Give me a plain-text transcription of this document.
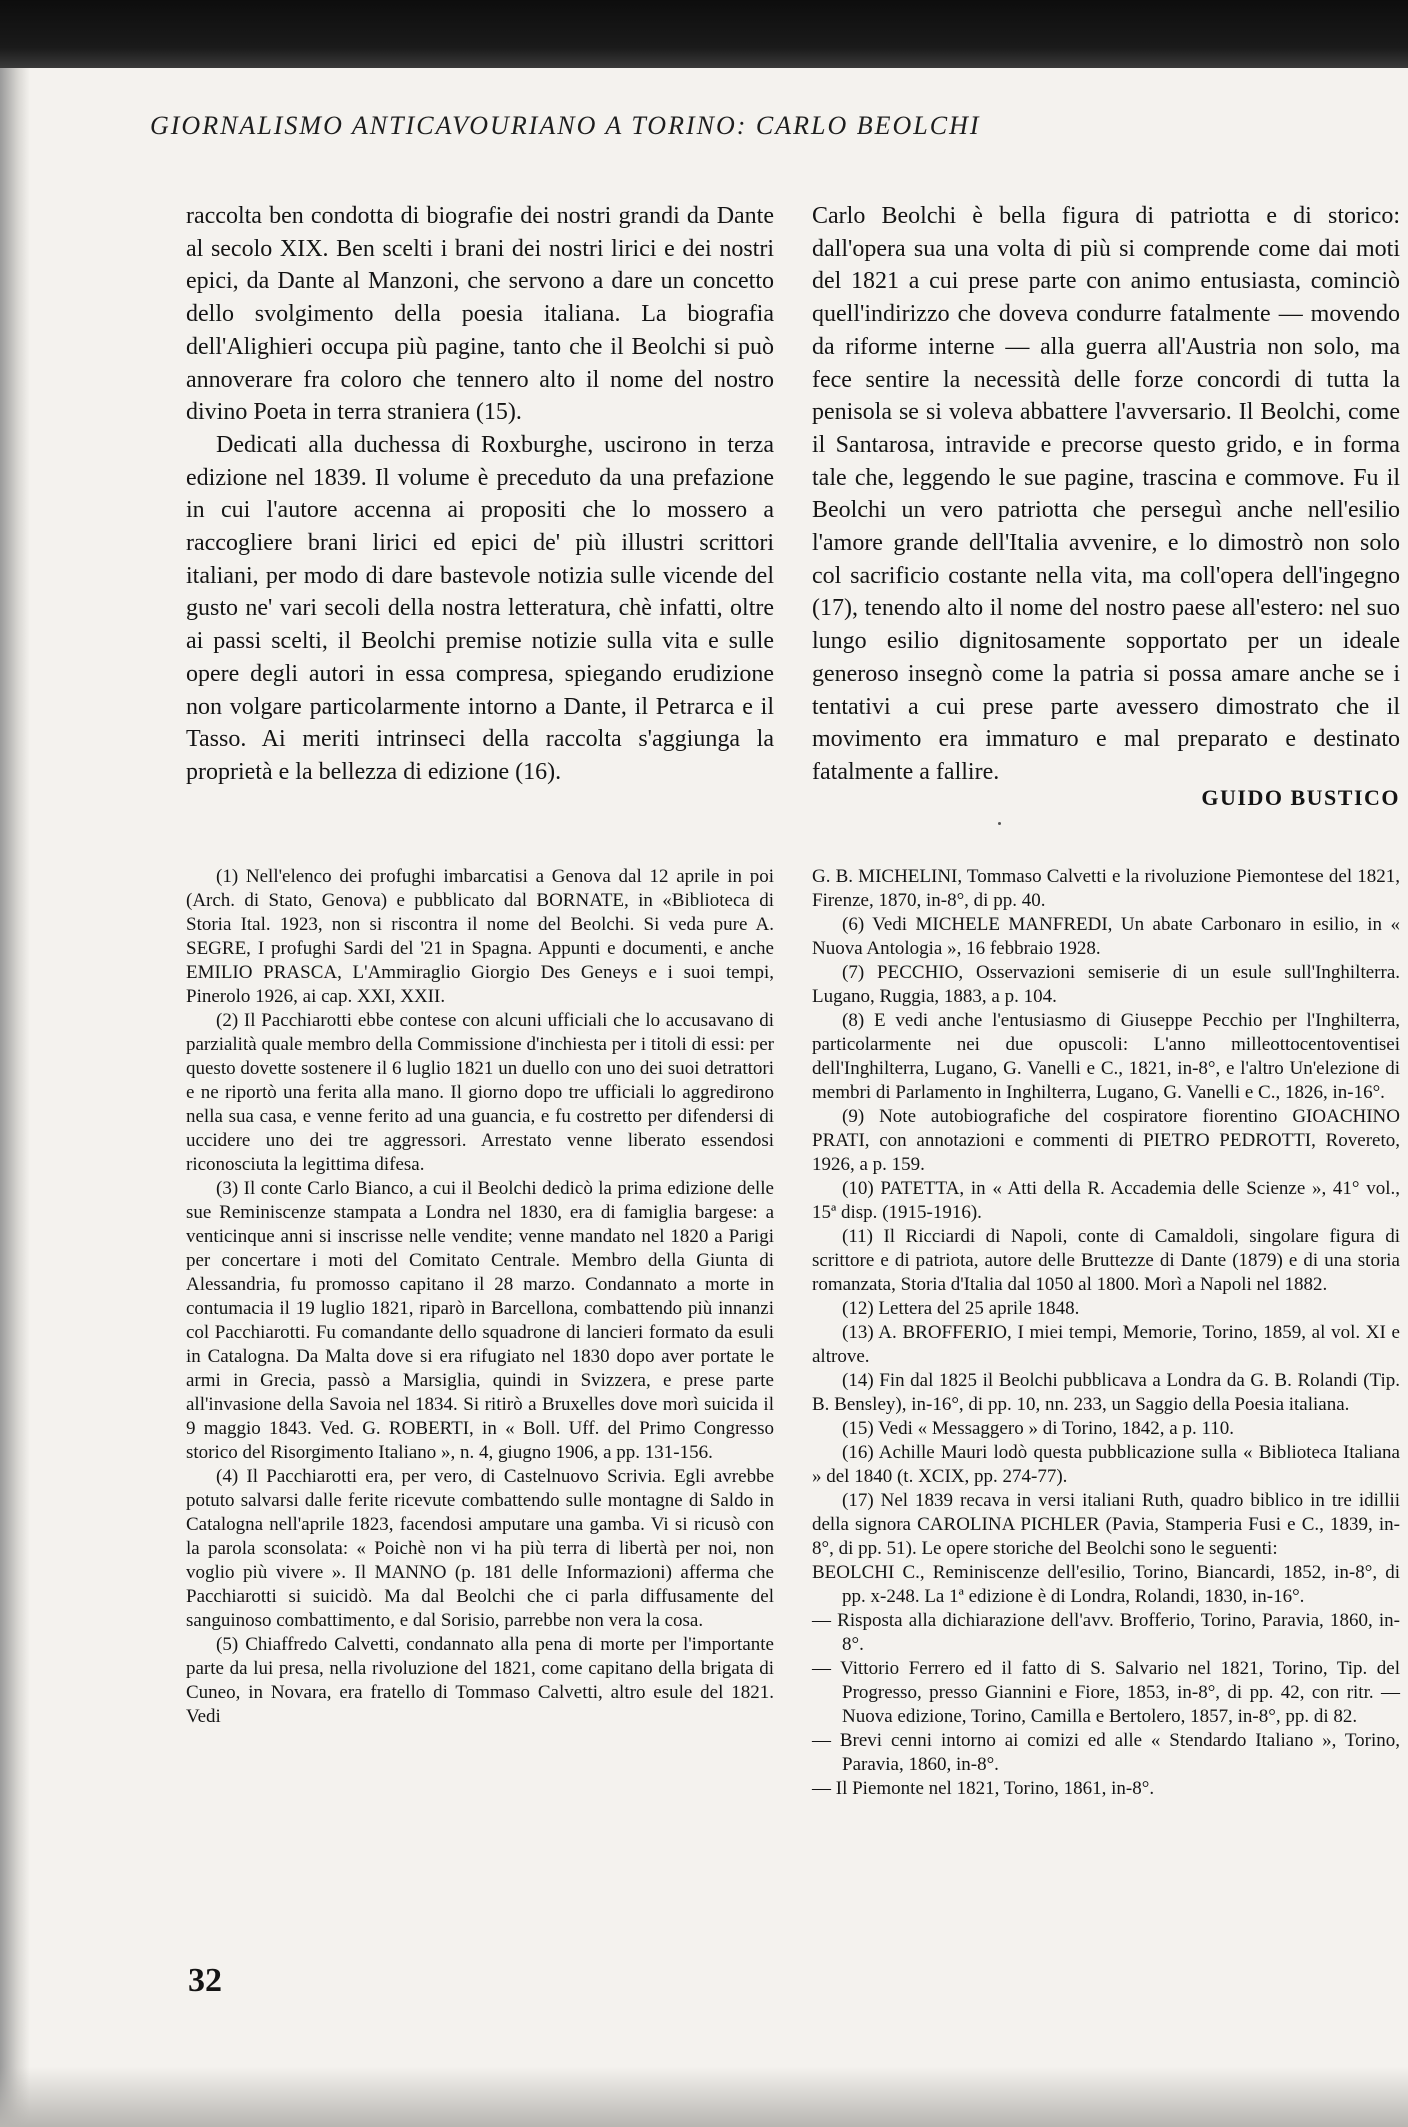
GIORNALISMO ANTICAVOURIANO A TORINO: CARLO BEOLCHI

raccolta ben condotta di biografie dei nostri grandi da Dante al secolo XIX. Ben scelti i brani dei nostri lirici e dei nostri epici, da Dante al Manzoni, che servono a dare un concetto dello svolgimento della poesia italiana. La biografia dell'Alighieri occupa più pagine, tanto che il Beolchi si può annoverare fra coloro che tennero alto il nome del nostro divino Poeta in terra straniera (15).

Dedicati alla duchessa di Roxburghe, uscirono in terza edizione nel 1839. Il volume è preceduto da una prefazione in cui l'autore accenna ai propositi che lo mossero a raccogliere brani lirici ed epici de' più illustri scrittori italiani, per modo di dare bastevole notizia sulle vicende del gusto ne' vari secoli della nostra letteratura, chè infatti, oltre ai passi scelti, il Beolchi premise notizie sulla vita e sulle opere degli autori in essa compresa, spiegando erudizione non volgare particolarmente intorno a Dante, il Petrarca e il Tasso. Ai meriti intrinseci della raccolta s'aggiunga la proprietà e la bellezza di edizione (16).

Carlo Beolchi è bella figura di patriotta e di storico: dall'opera sua una volta di più si comprende come dai moti del 1821 a cui prese parte con animo entusiasta, cominciò quell'indirizzo che doveva condurre fatalmente — movendo da riforme interne — alla guerra all'Austria non solo, ma fece sentire la necessità delle forze concordi di tutta la penisola se si voleva abbattere l'avversario. Il Beolchi, come il Santarosa, intravide e precorse questo grido, e in forma tale che, leggendo le sue pagine, trascina e commove. Fu il Beolchi un vero patriotta che perseguì anche nell'esilio l'amore grande dell'Italia avvenire, e lo dimostrò non solo col sacrificio costante nella vita, ma coll'opera dell'ingegno (17), tenendo alto il nome del nostro paese all'estero: nel suo lungo esilio dignitosamente sopportato per un ideale generoso insegnò come la patria si possa amare anche se i tentativi a cui prese parte avessero dimostrato che il movimento era immaturo e mal preparato e destinato fatalmente a fallire.

GUIDO BUSTICO

(1) Nell'elenco dei profughi imbarcatisi a Genova dal 12 aprile in poi (Arch. di Stato, Genova) e pubblicato dal BORNATE, in «Biblioteca di Storia Ital. 1923, non si riscontra il nome del Beolchi. Si veda pure A. SEGRE, I profughi Sardi del '21 in Spagna. Appunti e documenti, e anche EMILIO PRASCA, L'Ammiraglio Giorgio Des Geneys e i suoi tempi, Pinerolo 1926, ai cap. XXI, XXII.

(2) Il Pacchiarotti ebbe contese con alcuni ufficiali che lo accusavano di parzialità quale membro della Commissione d'inchiesta per i titoli di essi: per questo dovette sostenere il 6 luglio 1821 un duello con uno dei suoi detrattori e ne riportò una ferita alla mano. Il giorno dopo tre ufficiali lo aggredirono nella sua casa, e venne ferito ad una guancia, e fu costretto per difendersi di uccidere uno dei tre aggressori. Arrestato venne liberato essendosi riconosciuta la legittima difesa.

(3) Il conte Carlo Bianco, a cui il Beolchi dedicò la prima edizione delle sue Reminiscenze stampata a Londra nel 1830, era di famiglia bargese: a venticinque anni si inscrisse nelle vendite; venne mandato nel 1820 a Parigi per concertare i moti del Comitato Centrale. Membro della Giunta di Alessandria, fu promosso capitano il 28 marzo. Condannato a morte in contumacia il 19 luglio 1821, riparò in Barcellona, combattendo più innanzi col Pacchiarotti. Fu comandante dello squadrone di lancieri formato da esuli in Catalogna. Da Malta dove si era rifugiato nel 1830 dopo aver portate le armi in Grecia, passò a Marsiglia, quindi in Svizzera, e prese parte all'invasione della Savoia nel 1834. Si ritirò a Bruxelles dove morì suicida il 9 maggio 1843. Ved. G. ROBERTI, in « Boll. Uff. del Primo Congresso storico del Risorgimento Italiano », n. 4, giugno 1906, a pp. 131-156.

(4) Il Pacchiarotti era, per vero, di Castelnuovo Scrivia. Egli avrebbe potuto salvarsi dalle ferite ricevute combattendo sulle montagne di Saldo in Catalogna nell'aprile 1823, facendosi amputare una gamba. Vi si ricusò con la parola sconsolata: « Poichè non vi ha più terra di libertà per noi, non voglio più vivere ». Il MANNO (p. 181 delle Informazioni) afferma che Pacchiarotti si suicidò. Ma dal Beolchi che ci parla diffusamente del sanguinoso combattimento, e dal Sorisio, parrebbe non vera la cosa.

(5) Chiaffredo Calvetti, condannato alla pena di morte per l'importante parte da lui presa, nella rivoluzione del 1821, come capitano della brigata di Cuneo, in Novara, era fratello di Tommaso Calvetti, altro esule del 1821. Vedi

G. B. MICHELINI, Tommaso Calvetti e la rivoluzione Piemontese del 1821, Firenze, 1870, in-8°, di pp. 40.

(6) Vedi MICHELE MANFREDI, Un abate Carbonaro in esilio, in « Nuova Antologia », 16 febbraio 1928.

(7) PECCHIO, Osservazioni semiserie di un esule sull'Inghilterra. Lugano, Ruggia, 1883, a p. 104.

(8) E vedi anche l'entusiasmo di Giuseppe Pecchio per l'Inghilterra, particolarmente nei due opuscoli: L'anno milleottocentoventisei dell'Inghilterra, Lugano, G. Vanelli e C., 1821, in-8°, e l'altro Un'elezione di membri di Parlamento in Inghilterra, Lugano, G. Vanelli e C., 1826, in-16°.

(9) Note autobiografiche del cospiratore fiorentino GIOACHINO PRATI, con annotazioni e commenti di PIETRO PEDROTTI, Rovereto, 1926, a p. 159.

(10) PATETTA, in « Atti della R. Accademia delle Scienze », 41° vol., 15ª disp. (1915-1916).

(11) Il Ricciardi di Napoli, conte di Camaldoli, singolare figura di scrittore e di patriota, autore delle Bruttezze di Dante (1879) e di una storia romanzata, Storia d'Italia dal 1050 al 1800. Morì a Napoli nel 1882.

(12) Lettera del 25 aprile 1848.

(13) A. BROFFERIO, I miei tempi, Memorie, Torino, 1859, al vol. XI e altrove.

(14) Fin dal 1825 il Beolchi pubblicava a Londra da G. B. Rolandi (Tip. B. Bensley), in-16°, di pp. 10, nn. 233, un Saggio della Poesia italiana.

(15) Vedi « Messaggero » di Torino, 1842, a p. 110.

(16) Achille Mauri lodò questa pubblicazione sulla « Biblioteca Italiana » del 1840 (t. XCIX, pp. 274-77).

(17) Nel 1839 recava in versi italiani Ruth, quadro biblico in tre idillii della signora CAROLINA PICHLER (Pavia, Stamperia Fusi e C., 1839, in-8°, di pp. 51). Le opere storiche del Beolchi sono le seguenti:

BEOLCHI C., Reminiscenze dell'esilio, Torino, Biancardi, 1852, in-8°, di pp. x-248. La 1ª edizione è di Londra, Rolandi, 1830, in-16°.

— Risposta alla dichiarazione dell'avv. Brofferio, Torino, Paravia, 1860, in-8°.

— Vittorio Ferrero ed il fatto di S. Salvario nel 1821, Torino, Tip. del Progresso, presso Giannini e Fiore, 1853, in-8°, di pp. 42, con ritr. — Nuova edizione, Torino, Camilla e Bertolero, 1857, in-8°, pp. di 82.

— Brevi cenni intorno ai comizi ed alle « Stendardo Italiano », Torino, Paravia, 1860, in-8°.

— Il Piemonte nel 1821, Torino, 1861, in-8°.

32
